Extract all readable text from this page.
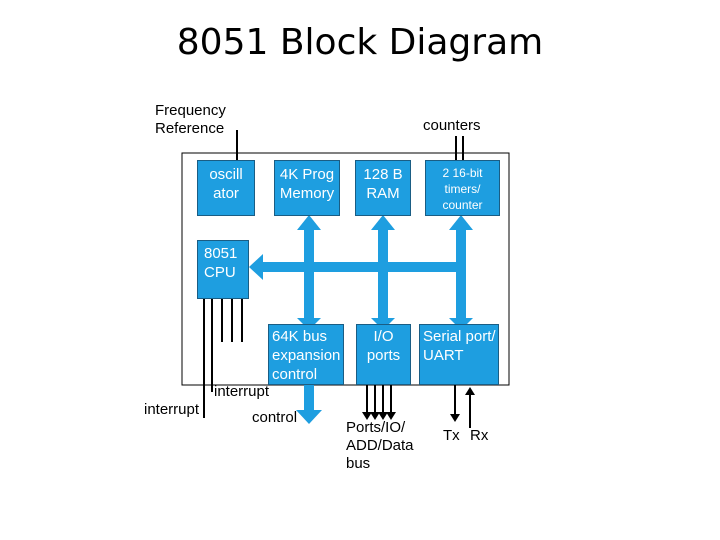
8051 Block Diagram
oscill
ator
4K Prog
Memory
128 B
RAM
2 16-bit
timers/
counter
8051
CPU
64K bus
expansion
control
I/O
ports
Serial port/
UART
Frequency
Reference	counters
interrupt
interrupt	control
Ports/IO/
ADD/Data
bus
Tx Rx
